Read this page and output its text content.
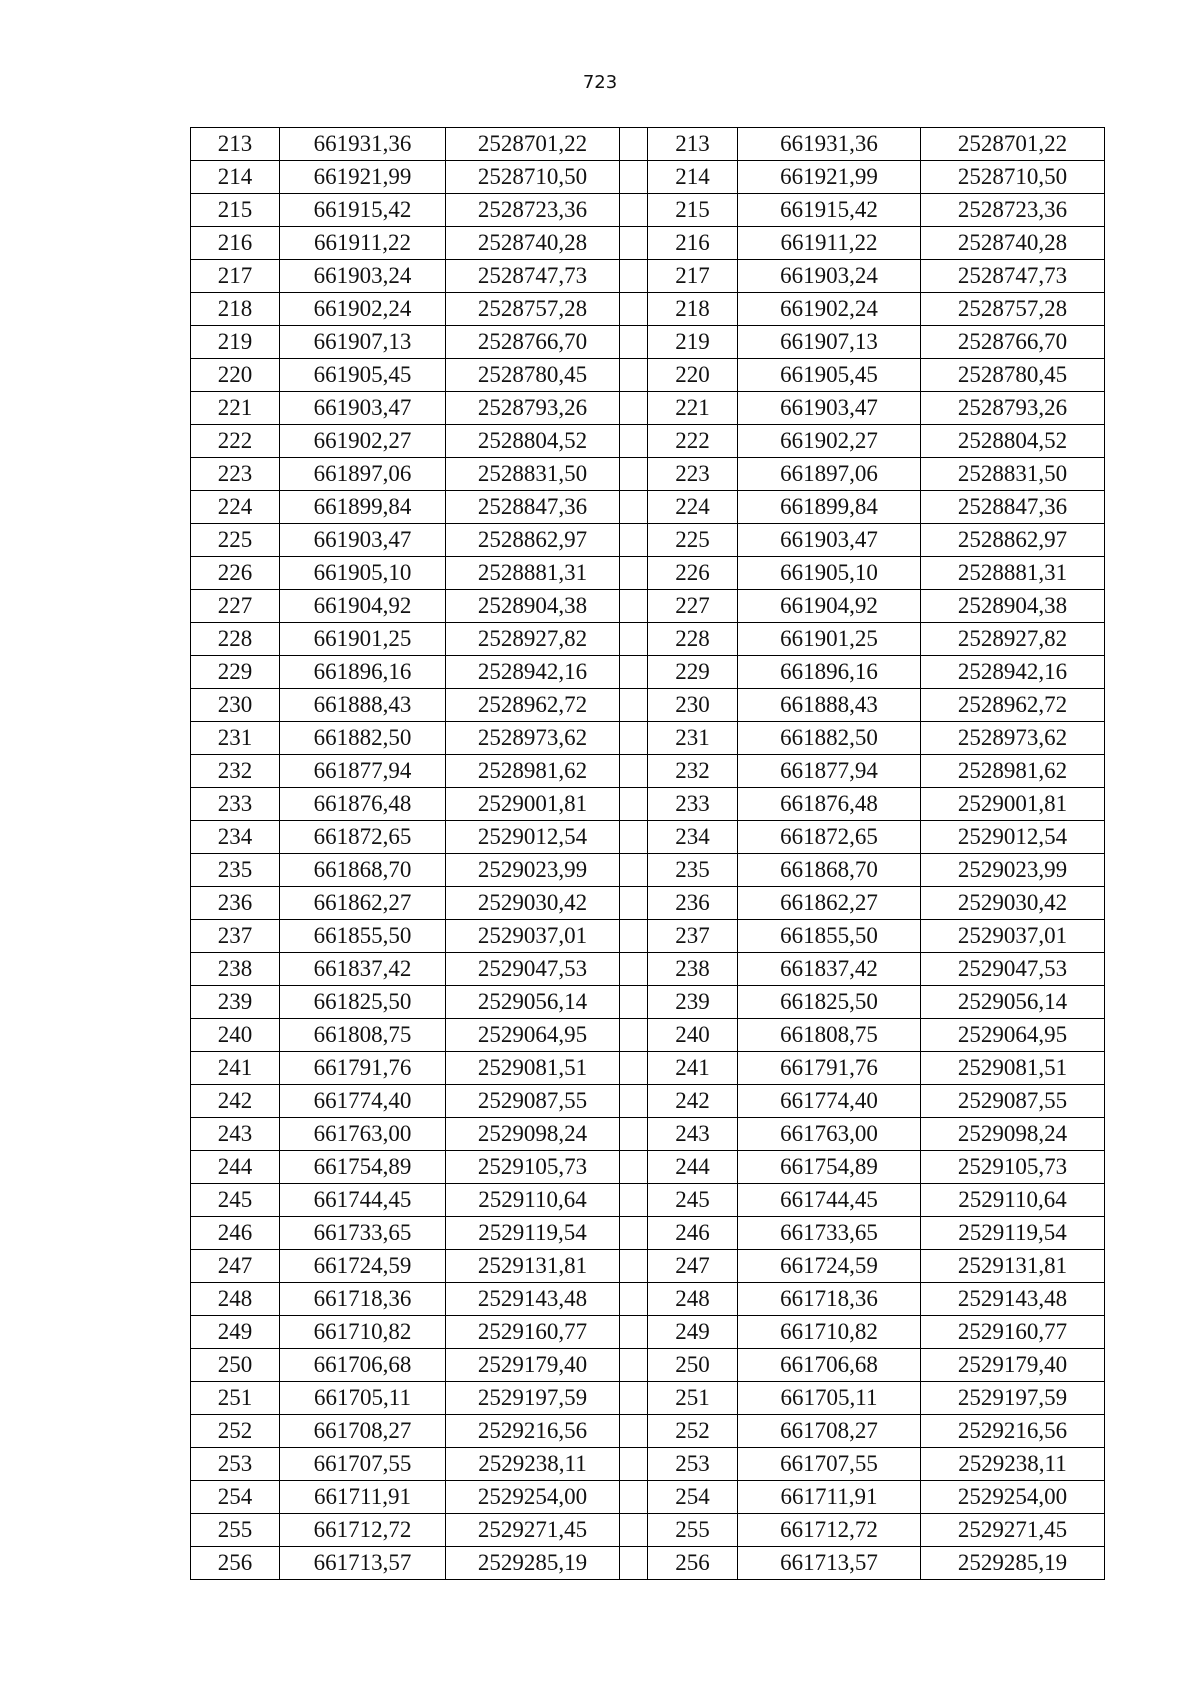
723
213	661931,36	2528701,22		213	661931,36	2528701,22
214	661921,99	2528710,50		214	661921,99	2528710,50
215	661915,42	2528723,36		215	661915,42	2528723,36
216	661911,22	2528740,28		216	661911,22	2528740,28
217	661903,24	2528747,73		217	661903,24	2528747,73
218	661902,24	2528757,28		218	661902,24	2528757,28
219	661907,13	2528766,70		219	661907,13	2528766,70
220	661905,45	2528780,45		220	661905,45	2528780,45
221	661903,47	2528793,26		221	661903,47	2528793,26
222	661902,27	2528804,52		222	661902,27	2528804,52
223	661897,06	2528831,50		223	661897,06	2528831,50
224	661899,84	2528847,36		224	661899,84	2528847,36
225	661903,47	2528862,97		225	661903,47	2528862,97
226	661905,10	2528881,31		226	661905,10	2528881,31
227	661904,92	2528904,38		227	661904,92	2528904,38
228	661901,25	2528927,82		228	661901,25	2528927,82
229	661896,16	2528942,16		229	661896,16	2528942,16
230	661888,43	2528962,72		230	661888,43	2528962,72
231	661882,50	2528973,62		231	661882,50	2528973,62
232	661877,94	2528981,62		232	661877,94	2528981,62
233	661876,48	2529001,81		233	661876,48	2529001,81
234	661872,65	2529012,54		234	661872,65	2529012,54
235	661868,70	2529023,99		235	661868,70	2529023,99
236	661862,27	2529030,42		236	661862,27	2529030,42
237	661855,50	2529037,01		237	661855,50	2529037,01
238	661837,42	2529047,53		238	661837,42	2529047,53
239	661825,50	2529056,14		239	661825,50	2529056,14
240	661808,75	2529064,95		240	661808,75	2529064,95
241	661791,76	2529081,51		241	661791,76	2529081,51
242	661774,40	2529087,55		242	661774,40	2529087,55
243	661763,00	2529098,24		243	661763,00	2529098,24
244	661754,89	2529105,73		244	661754,89	2529105,73
245	661744,45	2529110,64		245	661744,45	2529110,64
246	661733,65	2529119,54		246	661733,65	2529119,54
247	661724,59	2529131,81		247	661724,59	2529131,81
248	661718,36	2529143,48		248	661718,36	2529143,48
249	661710,82	2529160,77		249	661710,82	2529160,77
250	661706,68	2529179,40		250	661706,68	2529179,40
251	661705,11	2529197,59		251	661705,11	2529197,59
252	661708,27	2529216,56		252	661708,27	2529216,56
253	661707,55	2529238,11		253	661707,55	2529238,11
254	661711,91	2529254,00		254	661711,91	2529254,00
255	661712,72	2529271,45		255	661712,72	2529271,45
256	661713,57	2529285,19		256	661713,57	2529285,19
